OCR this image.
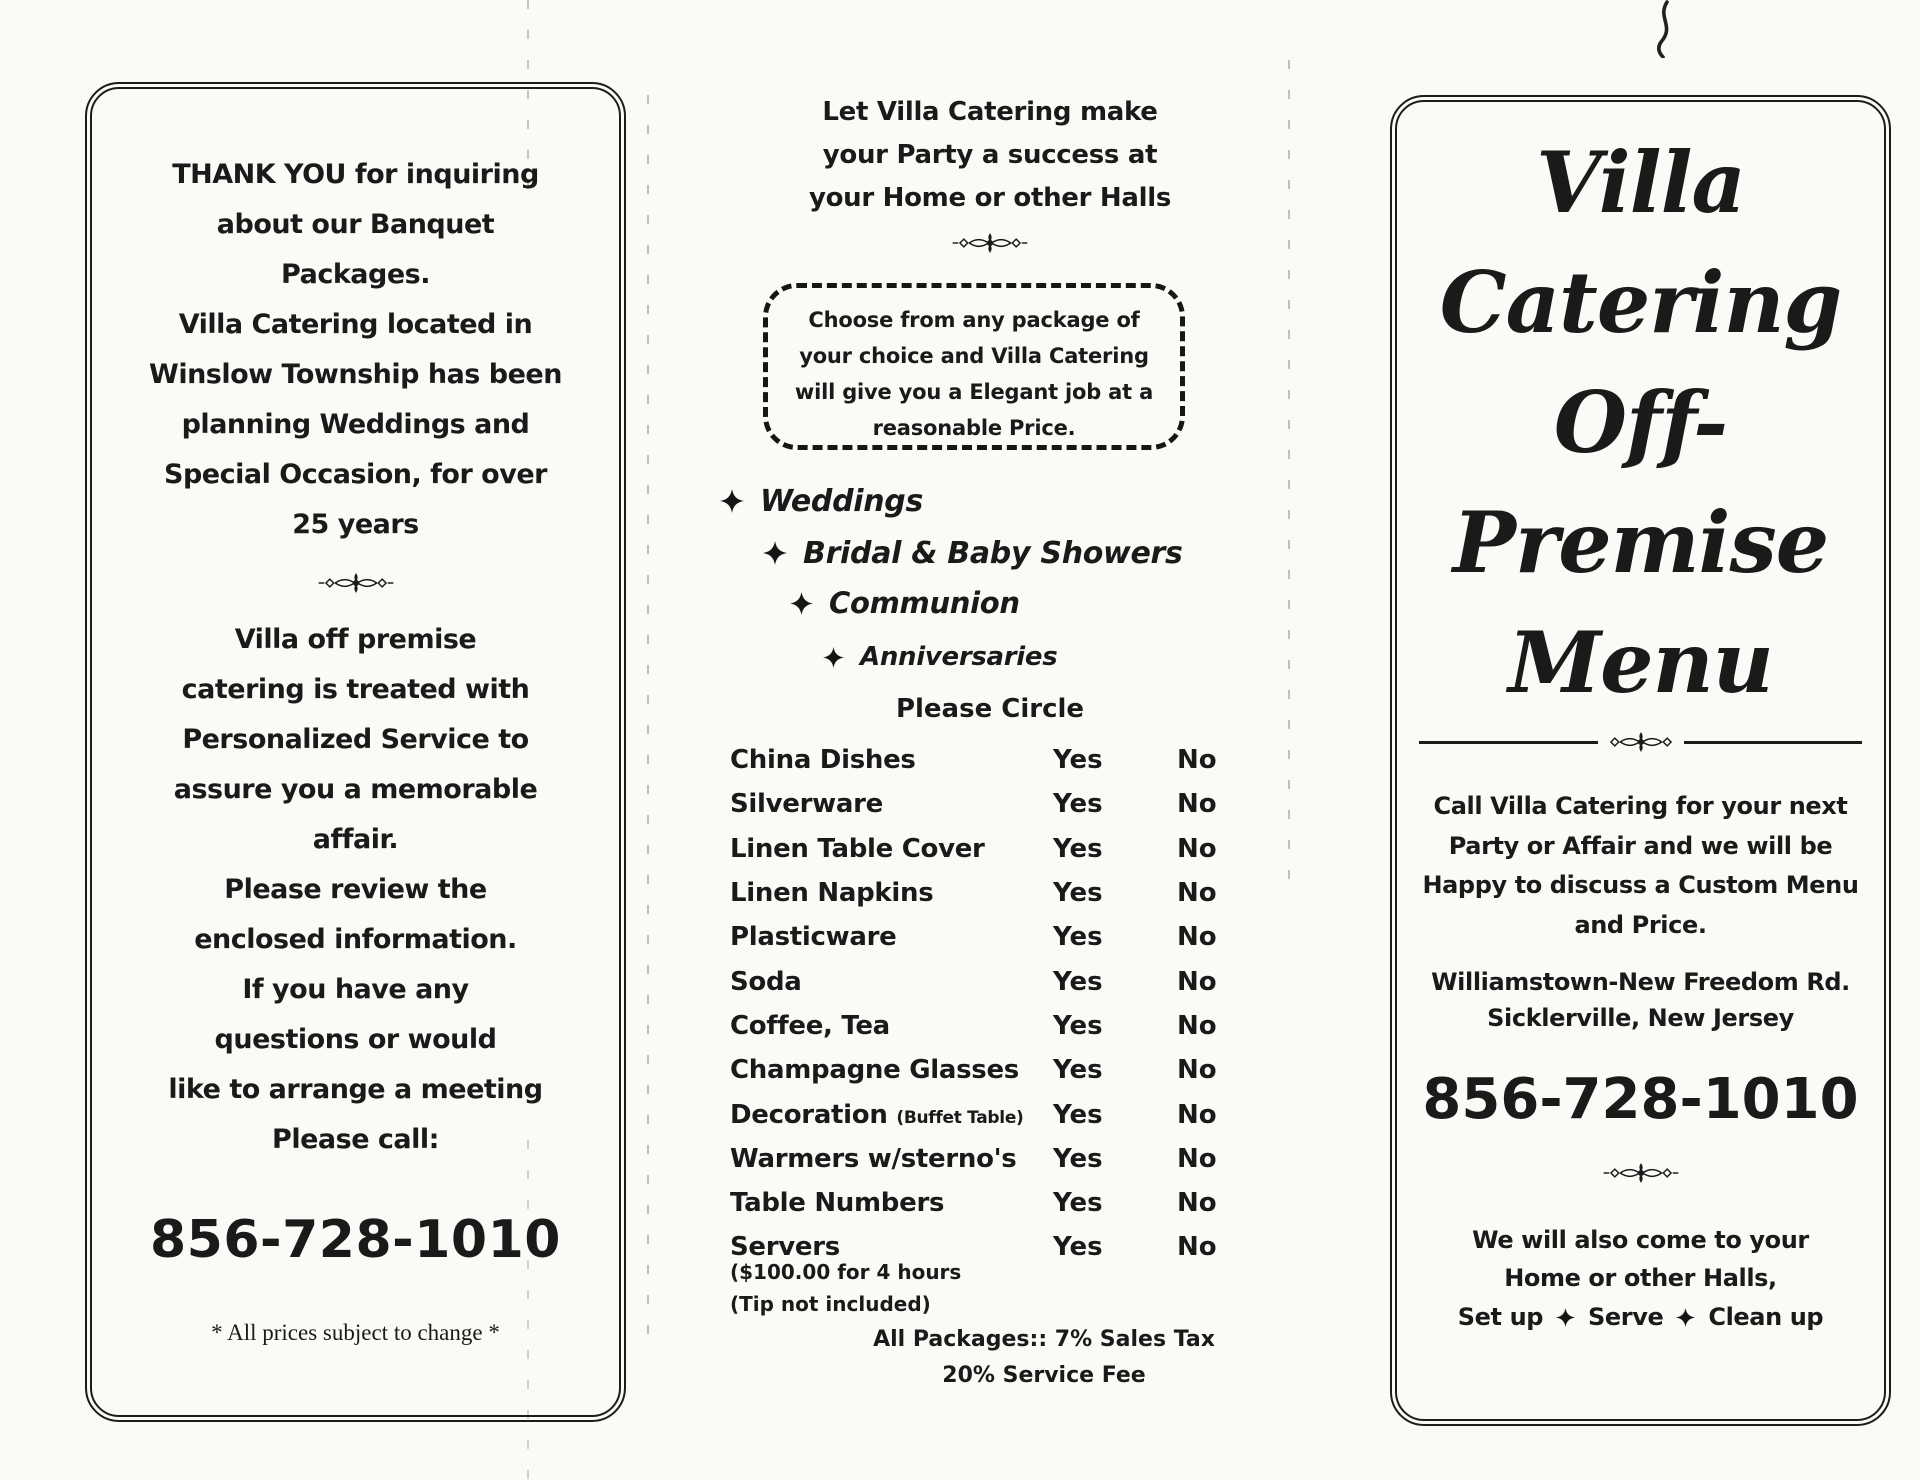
THANK YOU for inquiring
about our Banquet
Packages.
Villa Catering located in
Winslow Township has been
planning Weddings and
Special Occasion, for over
25 years
Villa off premise
catering is treated with
Personalized Service to
assure you a memorable
affair.
Please review the
enclosed information.
If you have any
questions or would
like to arrange a meeting
Please call:
856-728-1010
* All prices subject to change *
Let Villa Catering make
your Party a success at
your Home or other Halls
Choose from any package of
your choice and Villa Catering
will give you a Elegant job at a
reasonable Price.
Weddings
Bridal & Baby Showers
Communion
Anniversaries
Please Circle
China Dishes	Yes	No
Silverware	Yes	No
Linen Table Cover	Yes	No
Linen Napkins	Yes	No
Plasticware	Yes	No
Soda	Yes	No
Coffee, Tea	Yes	No
Champagne Glasses Yes	No
Decoration (Buffet Table) Yes	No
Warmers w/sterno's Yes	No
Table Numbers	Yes	No
Servers	Yes	No
($100.00 for 4 hours
(Tip not included)
All Packages:: 7% Sales Tax
20% Service Fee
Villa
Catering
Off-
Premise
Menu
Call Villa Catering for your next
Party or Affair and we will be
Happy to discuss a Custom Menu
and Price.
Williamstown-New Freedom Rd.
Sicklerville, New Jersey
856-728-1010
We will also come to your
Home or other Halls,
Set up Serve Clean up
